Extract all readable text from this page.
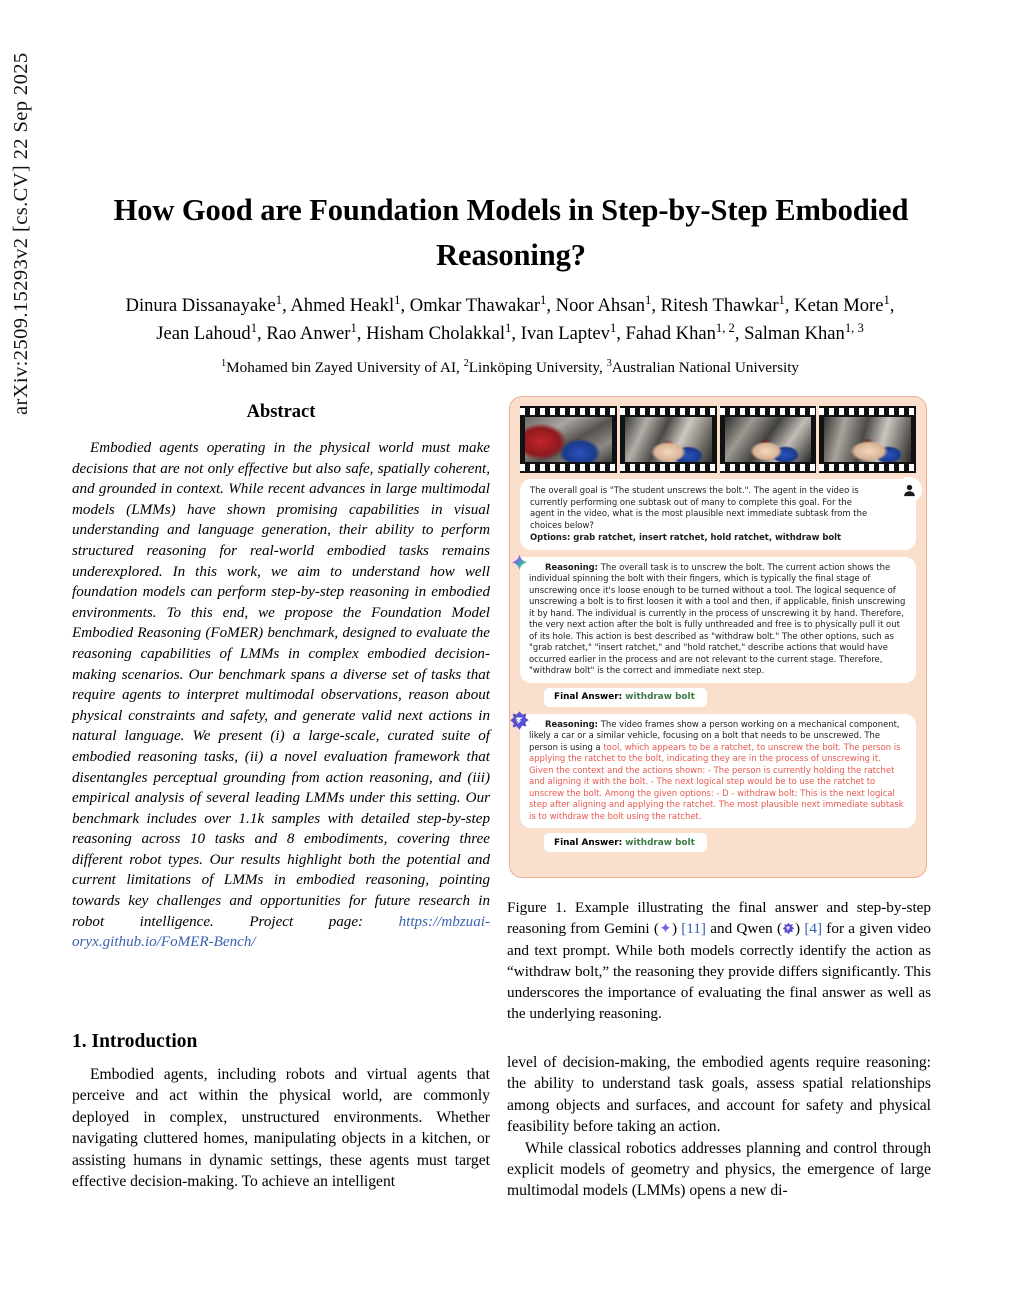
arXiv:2509.15293v2 [cs.CV] 22 Sep 2025	How Good are Foundation Models in Step-by-Step Embodied Reasoning?
Dinura Dissanayake$^1$, Ahmed Heakl$^1$, Omkar Thawakar$^1$, Noor Ahsan$^1$, Ritesh Thawkar$^1$, Ketan More$^1$,
Jean Lahoud$^1$, Rao Anwer$^1$, Hisham Cholakkal$^1$, Ivan Laptev$^1$, Fahad Khan$^{1, 2}$, Salman Khan$^{1, 3}$
$^1$Mohamed bin Zayed University of AI, $^2$Linköping University, $^3$Australian National University
Abstract
Embodied agents operating in the physical world must make decisions that are not only effective but also safe, spatially coherent, and grounded in context. While recent advances in large multimodal models (LMMs) have shown promising capabilities in visual understanding and language generation, their ability to perform structured reasoning for real-world embodied tasks remains underexplored. In this work, we aim to understand how well foundation models can perform step-by-step reasoning in embodied environments. To this end, we propose the Foundation Model Embodied Reasoning (FoMER) benchmark, designed to evaluate the reasoning capabilities of LMMs in complex embodied decision-making scenarios. Our benchmark spans a diverse set of tasks that require agents to interpret multimodal observations, reason about physical constraints and safety, and generate valid next actions in natural language. We present (i) a large-scale, curated suite of embodied reasoning tasks, (ii) a novel evaluation framework that disentangles perceptual grounding from action reasoning, and (iii) empirical analysis of several leading LMMs under this setting. Our benchmark includes over 1.1k samples with detailed step-by-step reasoning across 10 tasks and 8 embodiments, covering three different robot types. Our results highlight both the potential and current limitations of LMMs in embodied reasoning, pointing towards key challenges and opportunities for future research in robot intelligence. Project page: https://mbzuai-oryx.github.io/FoMER-Bench/
1. Introduction
Embodied agents, including robots and virtual agents that perceive and act within the physical world, are commonly deployed in complex, unstructured environments. Whether navigating cluttered homes, manipulating objects in a kitchen, or assisting humans in dynamic settings, these agents must target effective decision-making. To achieve an intelligent

level of decision-making, the embodied agents require reasoning: the ability to understand task goals, assess spatial relationships among objects and surfaces, and account for safety and physical feasibility before taking an action.

While classical robotics addresses planning and control through explicit models of geometry and physics, the emergence of large multimodal models (LMMs) opens a new di-

The overall goal is "The student unscrews the bolt.". The agent in the video is currently performing one subtask out of many to complete this goal. For the agent in the video, what is the most plausible next immediate subtask from the choices below?
Options: grab ratchet, insert ratchet, hold ratchet, withdraw bolt
Reasoning: The overall task is to unscrew the bolt. The current action shows the individual spinning the bolt with their fingers, which is typically the final stage of unscrewing once it's loose enough to be turned without a tool. The logical sequence of unscrewing a bolt is to first loosen it with a tool and then, if applicable, finish unscrewing it by hand. The individual is currently in the process of unscrewing it by hand. Therefore, the very next action after the bolt is fully unthreaded and free is to physically pull it out of its hole. This action is best described as "withdraw bolt." The other options, such as "grab ratchet," "insert ratchet," and "hold ratchet," describe actions that would have occurred earlier in the process and are not relevant to the current stage. Therefore, "withdraw bolt" is the correct and immediate next step.
Final Answer: withdraw bolt
Reasoning: The video frames show a person working on a mechanical component, likely a car or a similar vehicle, focusing on a bolt that needs to be unscrewed. The person is using a tool, which appears to be a ratchet, to unscrew the bolt. The person is applying the ratchet to the bolt, indicating they are in the process of unscrewing it. Given the context and the actions shown: - The person is currently holding the ratchet and aligning it with the bolt. - The next logical step would be to use the ratchet to unscrew the bolt. Among the given options: - D - withdraw bolt: This is the next logical step after aligning and applying the ratchet. The most plausible next immediate subtask is to withdraw the bolt using the ratchet.
Final Answer: withdraw bolt
Figure 1. Example illustrating the final answer and step-by-step reasoning from Gemini ( ) [11] and Qwen ( ) [4] for a given video and text prompt. While both models correctly identify the action as “withdraw bolt,” the reasoning they provide differs significantly. This underscores the importance of evaluating the final answer as well as the underlying reasoning.
